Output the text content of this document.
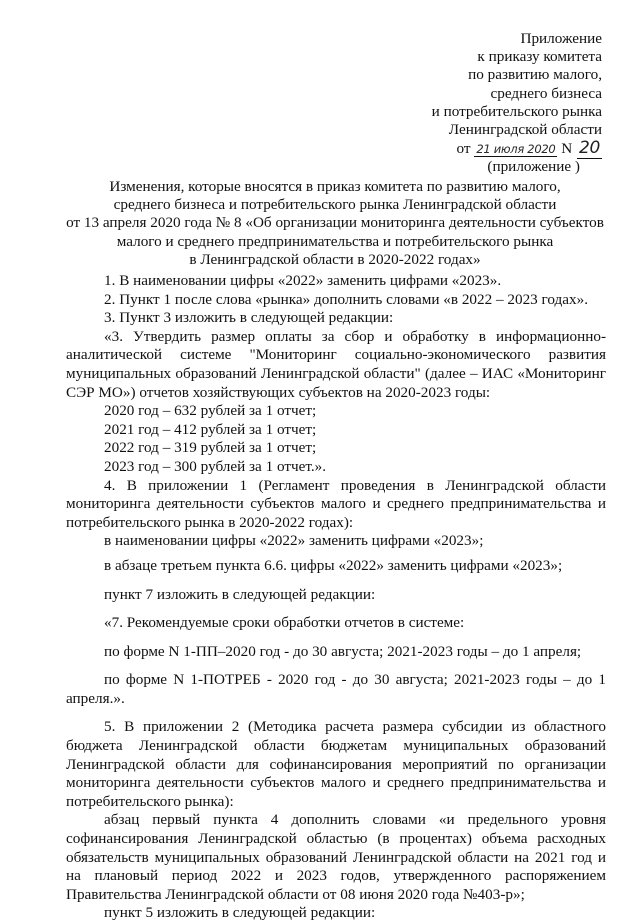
Приложение
к приказу комитета
по развитию малого,
среднего бизнеса
и потребительского рынка
Ленинградской области
от 21 июля 2020 N 20
(приложение )
Изменения, которые вносятся в приказ комитета по развитию малого,
среднего бизнеса и потребительского рынка Ленинградской области
от 13 апреля 2020 года № 8 «Об организации мониторинга деятельности субъектов
малого и среднего предпринимательства и потребительского рынка
в Ленинградской области в 2020-2022 годах»

1. В наименовании цифры «2022» заменить цифрами «2023».

2. Пункт 1 после слова «рынка» дополнить словами «в 2022 – 2023 годах».

3. Пункт 3 изложить в следующей редакции:

«3. Утвердить размер оплаты за сбор и обработку в информационно-аналитической системе "Мониторинг социально-экономического развития муниципальных образований Ленинградской области" (далее – ИАС «Мониторинг СЭР МО») отчетов хозяйствующих субъектов на 2020-2023 годы:

2020 год – 632 рублей за 1 отчет;

2021 год – 412 рублей за 1 отчет;

2022 год – 319 рублей за 1 отчет;

2023 год – 300 рублей за 1 отчет.».

4. В приложении 1 (Регламент проведения в Ленинградской области мониторинга деятельности субъектов малого и среднего предпринимательства и потребительского рынка в 2020-2022 годах):

в наименовании цифры «2022» заменить цифрами «2023»;

в абзаце третьем пункта 6.6. цифры «2022» заменить цифрами «2023»;

пункт 7 изложить в следующей редакции:

«7. Рекомендуемые сроки обработки отчетов в системе:

по форме N 1-ПП–2020 год - до 30 августа; 2021-2023 годы – до 1 апреля;

по форме N 1-ПОТРЕБ - 2020 год - до 30 августа; 2021-2023 годы – до 1 апреля.».

5. В приложении 2 (Методика расчета размера субсидии из областного бюджета Ленинградской области бюджетам муниципальных образований Ленинградской области для софинансирования мероприятий по организации мониторинга деятельности субъектов малого и среднего предпринимательства и потребительского рынка):

абзац первый пункта 4 дополнить словами «и предельного уровня софинансирования Ленинградской областью (в процентах) объема расходных обязательств муниципальных образований Ленинградской области на 2021 год и на плановый период 2022 и 2023 годов, утвержденного распоряжением Правительства Ленинградской области от 08 июня 2020 года №403-р»;

пункт 5 изложить в следующей редакции:
